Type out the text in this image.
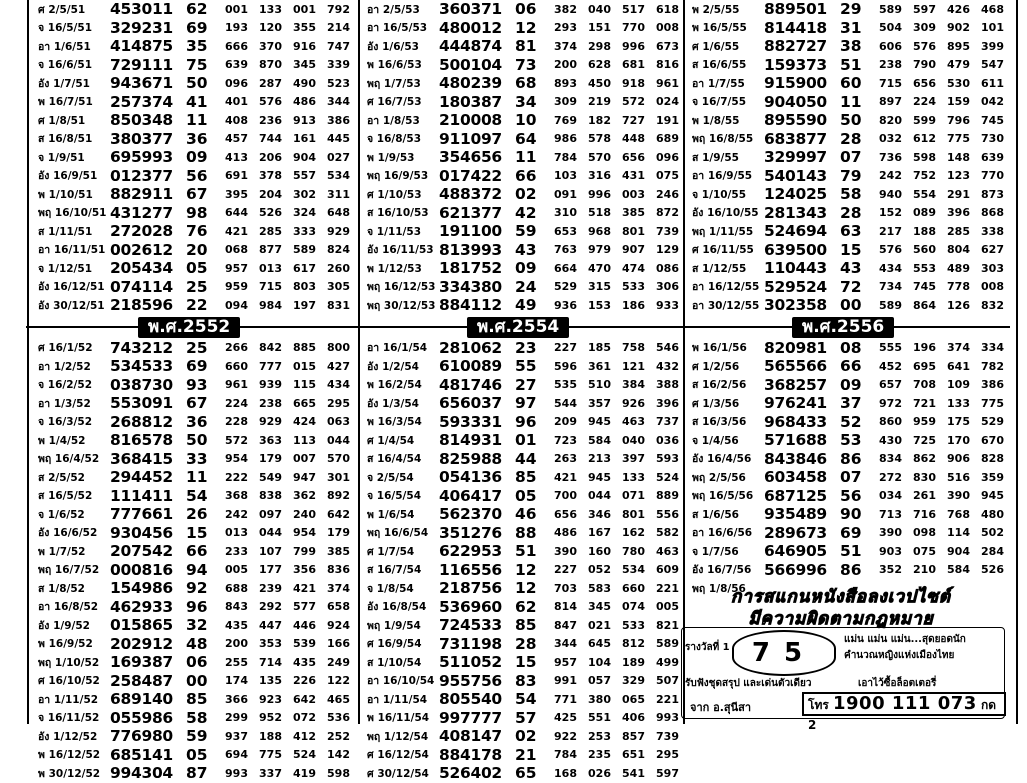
ศ 2/5/51	453011 62	001	133	001	792
จ 16/5/51	329231 69	193	120	355	214
อา 1/6/51	414875 35	666	370	916	747
จ 16/6/51	729111 75	639	870	345	339
อัง 1/7/51	943671 50	096	287	490	523
พ 16/7/51	257374 41	401	576	486	344
ศ 1/8/51	850348 11	408	236	913	386
ส 16/8/51	380377 36	457	744	161	445
จ 1/9/51	695993 09	413	206	904	027
อัง 16/9/51 012377 56	691	378	557	534
พ 1/10/51	882911 67	395	204	302	311
พฤ 16/10/51 431277 98	644	526	324	648
ส 1/11/51	272028 76	421	285	333	929
อา 16/11/51 002612 20	068	877	589	824
จ 1/12/51	205434 05	957	013	617	260
อัง 16/12/51 074114 25	959	715	803	305
อัง 30/12/51 218596 22	094	984	197	831
พ.ศ.2552
ศ 16/1/52	743212 25	266	842	885	800
อา 1/2/52	534533 69	660	777	015	427
จ 16/2/52	038730 93	961	939	115	434
อา 1/3/52	553091 67	224	238	665	295
จ 16/3/52	268812 36	228	929	424	063
พ 1/4/52	816578 50	572	363	113	044
พฤ 16/4/52 368415 33	954	179	007	570
ส 2/5/52	294452 11	222	549	947	301
ส 16/5/52	111411 54	368	838	362	892
จ 1/6/52	777661 26	242	097	240	642
อัง 16/6/52 930456 15	013	044	954	179
พ 1/7/52	207542 66	233	107	799	385
พฤ 16/7/52 000816 94	005	177	356	836
ส 1/8/52	154986 92	688	239	421	374
อา 16/8/52 462933 96	843	292	577	658
อัง 1/9/52	015865 32	435	447	446	924
พ 16/9/52	202912 48	200	353	539	166
พฤ 1/10/52 169387 06	255	714	435	249
ศ 16/10/52 258487 00	174	135	226	122
อา 1/11/52 689140 85	366	923	642	465
จ 16/11/52 055986 58	299	952	072	536
อัง 1/12/52 776980 59	937	188	412	252
พ 16/12/52 685141 05	694	775	524	142
พ 30/12/52 994304 87	993	337	419	598
อา 2/5/53	360371 06	382	040	517	618
อา 16/5/53 480012 12	293	151	770	008
อัง 1/6/53	444874 81	374	298	996	673
พ 16/6/53	500104 73	200	628	681	816
พฤ 1/7/53	480239 68	893	450	918	961
ศ 16/7/53	180387 34	309	219	572	024
อา 1/8/53	210008 10	769	182	727	191
จ 16/8/53	911097 64	986	578	448	689
พ 1/9/53	354656 11	784	570	656	096
พฤ 16/9/53 017422 66	103	316	431	075
ศ 1/10/53	488372 02	091	996	003	246
ส 16/10/53 621377 42	310	518	385	872
จ 1/11/53	191100 59	653	968	801	739
อัง 16/11/53 813993 43	763	979	907	129
พ 1/12/53	181752 09	664	470	474	086
พฤ 16/12/53 334380 24	529	315	533	306
พฤ 30/12/53 884112 49	936	153	186	933
พ.ศ.2554
อา 16/1/54 281062 23	227	185	758	546
อัง 1/2/54	610089 55	596	361	121	432
พ 16/2/54	481746 27	535	510	384	388
อัง 1/3/54	656037 97	544	357	926	396
พ 16/3/54	593331 96	209	945	463	737
ศ 1/4/54	814931 01	723	584	040	036
ส 16/4/54	825988 44	263	213	397	593
จ 2/5/54	054136 85	421	945	133	524
จ 16/5/54	406417 05	700	044	071	889
พ 1/6/54	562370 46	656	346	801	556
พฤ 16/6/54 351276 88	486	167	162	582
ศ 1/7/54	622953 51	390	160	780	463
ส 16/7/54	116556 12	227	052	534	609
จ 1/8/54	218756 12	703	583	660	221
อัง 16/8/54 536960 62	814	345	074	005
พฤ 1/9/54	724533 85	847	021	533	821
ศ 16/9/54	731198 28	344	645	812	589
ส 1/10/54	511052 15	957	104	189	499
อา 16/10/54 955756 83	991	057	329	507
อา 1/11/54 805540 54	771	380	065	221
พ 16/11/54 997777 57	425	551	406	993
พฤ 1/12/54 408147 02	922	253	857	739
ศ 16/12/54 884178 21	784	235	651	295
ศ 30/12/54 526402 65	168	026	541	597
พ 2/5/55	889501 29	589	597	426	468
พ 16/5/55	814418 31	504	309	902	101
ศ 1/6/55	882727 38	606	576	895	399
ส 16/6/55	159373 51	238	790	479	547
อา 1/7/55	915900 60	715	656	530	611
จ 16/7/55	904050 11	897	224	159	042
พ 1/8/55	895590 50	820	599	796	745
พฤ 16/8/55 683877 28	032	612	775	730
ส 1/9/55	329997 07	736	598	148	639
อา 16/9/55 540143 79	242	752	123	770
จ 1/10/55	124025 58	940	554	291	873
อัง 16/10/55 281343 28	152	089	396	868
พฤ 1/11/55 524694 63	217	188	285	338
ศ 16/11/55 639500 15	576	560	804	627
ส 1/12/55	110443 43	434	553	489	303
อา 16/12/55 529524 72	734	745	778	008
อา 30/12/55 302358 00	589	864	126	832
พ.ศ.2556
พ 16/1/56	820981 08	555	196	374	334
ศ 1/2/56	565566 66	452	695	641	782
ส 16/2/56	368257 09	657	708	109	386
ศ 1/3/56	976241 37	972	721	133	775
ส 16/3/56	968433 52	860	959	175	529
จ 1/4/56	571688 53	430	725	170	670
อัง 16/4/56 843846 86	834	862	906	828
พฤ 2/5/56	603458 07	272	830	516	359
พฤ 16/5/56 687125 56	034	261	390	945
ส 1/6/56	935489 90	713	716	768	480
อา 16/6/56 289673 69	390	098	114	502
จ 1/7/56	646905 51	903	075	904	284
อัง 16/7/56 566996 86	352	210	584	526
พฤ 1/8/56
การสแกนหนังสือลงเวปไซต์
มีความผิดตามกฎหมาย
รางวัลที่ 1 75	แม่น แม่น แม่น...สุดยอดนัก
คำนวณหญิงแห่งเมืองไทย
รับฟังชุดสรุป และเด่นตัวเดียว	เอาไว้ซื้อล็อตเตอรี่
จาก อ.สุนีสา	โทร 1900 111 073 กด 2
